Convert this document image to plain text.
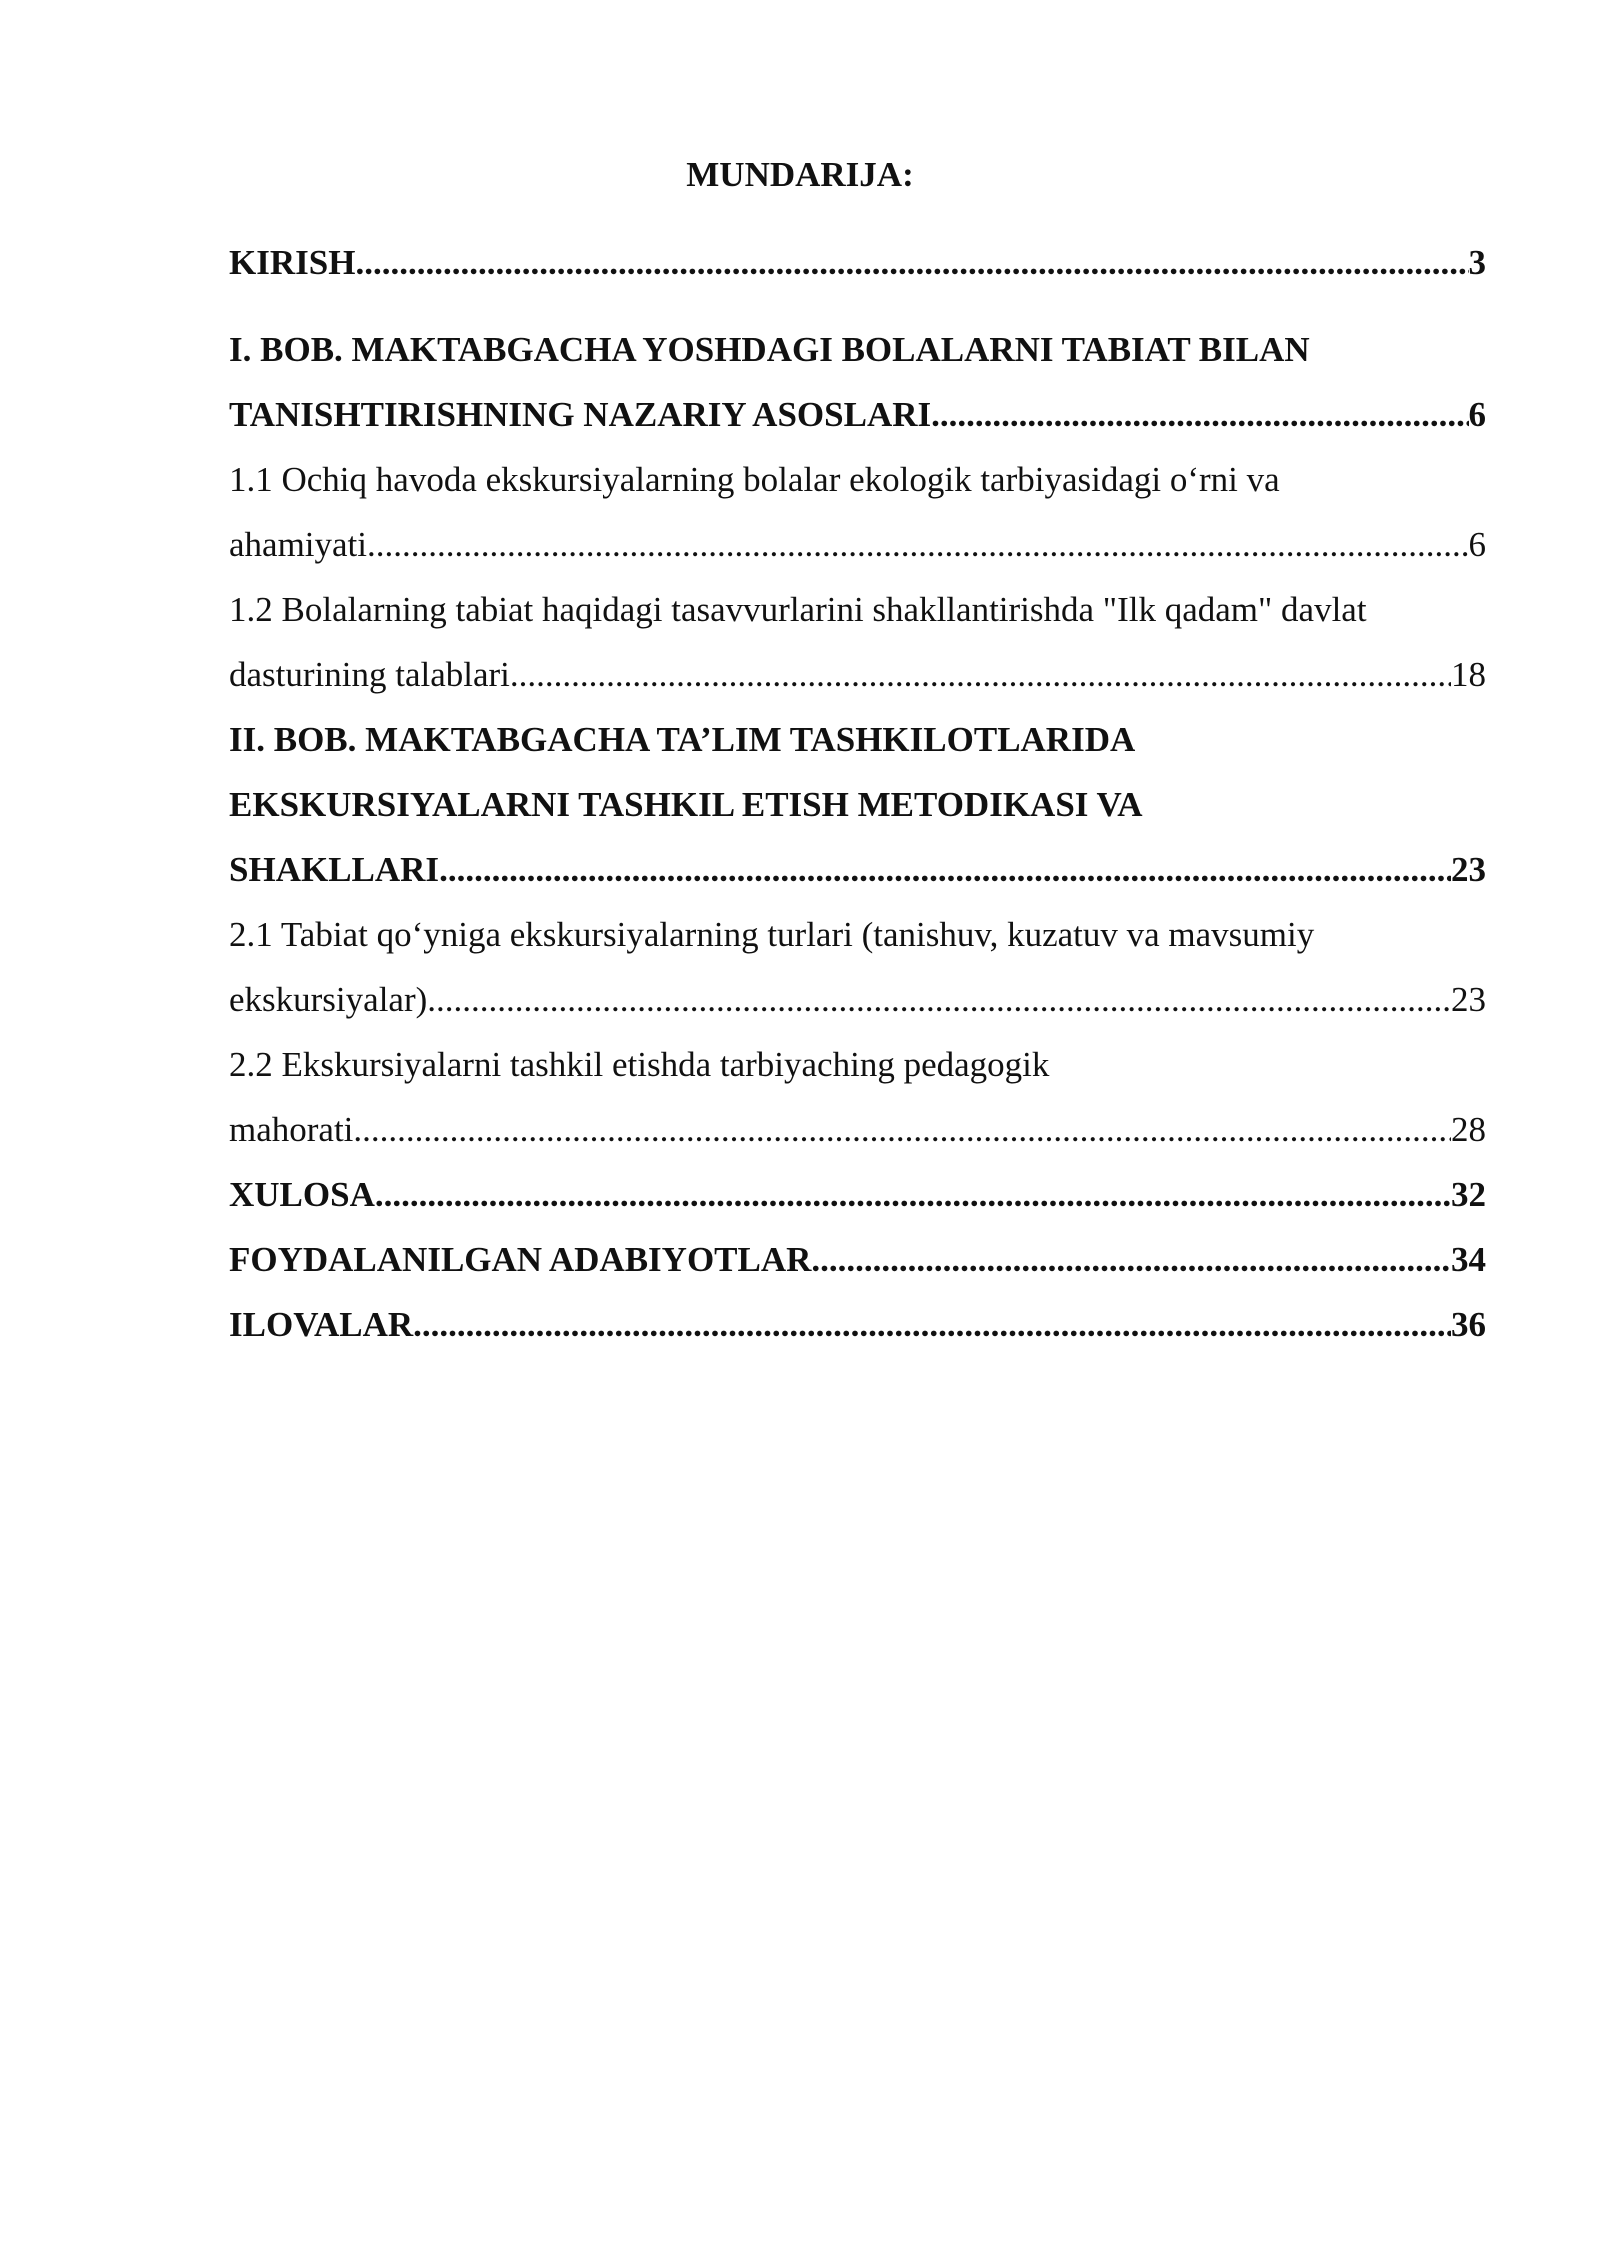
MUNDARIJA:
KIRISH .....	3
I. BOB. MAKTABGACHA YOSHDAGI BOLALARNI TABIAT BILAN
TANISHTIRISHNING NAZARIY ASOSLARI .....	6
1.1 Ochiq havoda ekskursiyalarning bolalar ekologik tarbiyasidagi o‘rni va
ahamiyati .....	6
1.2 Bolalarning tabiat haqidagi tasavvurlarini shakllantirishda "Ilk qadam" davlat
dasturining talablari .....	18
II. BOB. MAKTABGACHA TA’LIM TASHKILOTLARIDA
EKSKURSIYALARNI TASHKIL ETISH METODIKASI VA
SHAKLLARI .....	23
2.1 Tabiat qo‘yniga ekskursiyalarning turlari (tanishuv, kuzatuv va mavsumiy
ekskursiyalar) .....	23
2.2 Ekskursiyalarni tashkil etishda tarbiyaching pedagogik
mahorati .....	28
XULOSA .....	32
FOYDALANILGAN ADABIYOTLAR .....	34
ILOVALAR .....	36
